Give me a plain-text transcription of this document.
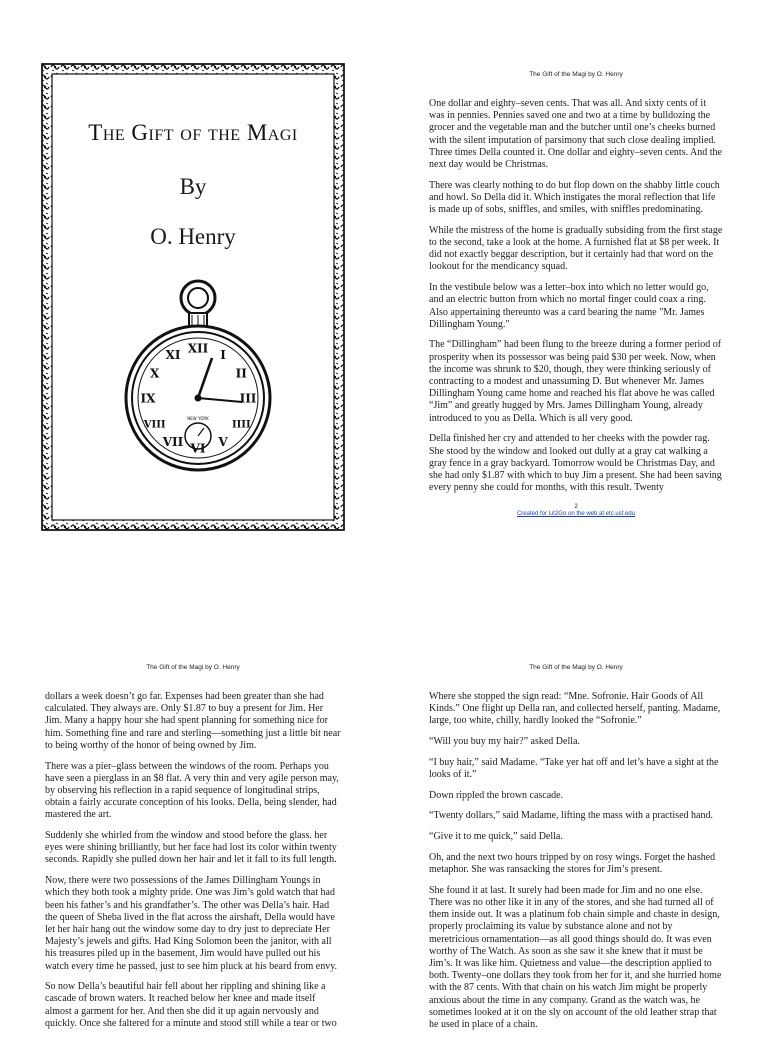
The Gift of the Magi
By
O. Henry
XII I
II
III
IIII
V
VI
VII
VIII
IX
X
XI
NEW YORK
The Gift of the Magi by O. Henry

One dollar and eighty–seven cents. That was all. And sixty cents of it was in pennies. Pennies saved one and two at a time by bulldozing the grocer and the vegetable man and the butcher until one’s cheeks burned with the silent imputation of parsimony that such close dealing implied. Three times Della counted it. One dollar and eighty–seven cents. And the next day would be Christmas.

There was clearly nothing to do but flop down on the shabby little couch and howl. So Della did it. Which instigates the moral reflection that life is made up of sobs, sniffles, and smiles, with sniffles predominating.

While the mistress of the home is gradually subsiding from the first stage to the second, take a look at the home. A furnished flat at $8 per week. It did not exactly beggar description, but it certainly had that word on the lookout for the mendicancy squad.

In the vestibule below was a letter–box into which no letter would go, and an electric button from which no mortal finger could coax a ring. Also appertaining thereunto was a card bearing the name "Mr. James Dillingham Young."

The “Dillingham” had been flung to the breeze during a former period of prosperity when its possessor was being paid $30 per week. Now, when the income was shrunk to $20, though, they were thinking seriously of contracting to a modest and unassuming D. But whenever Mr. James Dillingham Young came home and reached his flat above he was called “Jim” and greatly hugged by Mrs. James Dillingham Young, already introduced to you as Della. Which is all very good.

Della finished her cry and attended to her cheeks with the powder rag. She stood by the window and looked out dully at a gray cat walking a gray fence in a gray backyard. Tomorrow would be Christmas Day, and she had only $1.87 with which to buy Jim a present. She had been saving every penny she could for months, with this result. Twenty

2
Created for Lit2Go on the web at etc.usf.edu
The Gift of the Magi by O. Henry

dollars a week doesn’t go far. Expenses had been greater than she had calculated. They always are. Only $1.87 to buy a present for Jim. Her Jim. Many a happy hour she had spent planning for something nice for him. Something fine and rare and sterling—something just a little bit near to being worthy of the honor of being owned by Jim.

There was a pier–glass between the windows of the room. Perhaps you have seen a pierglass in an $8 flat. A very thin and very agile person may, by observing his reflection in a rapid sequence of longitudinal strips, obtain a fairly accurate conception of his looks. Della, being slender, had mastered the art.

Suddenly she whirled from the window and stood before the glass. her eyes were shining brilliantly, but her face had lost its color within twenty seconds. Rapidly she pulled down her hair and let it fall to its full length.

Now, there were two possessions of the James Dillingham Youngs in which they both took a mighty pride. One was Jim’s gold watch that had been his father’s and his grandfather’s. The other was Della’s hair. Had the queen of Sheba lived in the flat across the airshaft, Della would have let her hair hang out the window some day to dry just to depreciate Her Majesty’s jewels and gifts. Had King Solomon been the janitor, with all his treasures piled up in the basement, Jim would have pulled out his watch every time he passed, just to see him pluck at his beard from envy.

So now Della’s beautiful hair fell about her rippling and shining like a cascade of brown waters. It reached below her knee and made itself almost a garment for her. And then she did it up again nervously and quickly. Once she faltered for a minute and stood still while a tear or two

The Gift of the Magi by O. Henry

Where she stopped the sign read: “Mne. Sofronie. Hair Goods of All Kinds.” One flight up Della ran, and collected herself, panting. Madame, large, too white, chilly, hardly looked the “Sofronie.”

“Will you buy my hair?” asked Della.

“I buy hair,” said Madame. “Take yer hat off and let’s have a sight at the looks of it.”

Down rippled the brown cascade.

“Twenty dollars,” said Madame, lifting the mass with a practised hand.

“Give it to me quick,” said Della.

Oh, and the next two hours tripped by on rosy wings. Forget the hashed metaphor. She was ransacking the stores for Jim’s present.

She found it at last. It surely had been made for Jim and no one else. There was no other like it in any of the stores, and she had turned all of them inside out. It was a platinum fob chain simple and chaste in design, properly proclaiming its value by substance alone and not by meretricious ornamentation—as all good things should do. It was even worthy of The Watch. As soon as she saw it she knew that it must be Jim’s. It was like him. Quietness and value—the description applied to both. Twenty–one dollars they took from her for it, and she hurried home with the 87 cents. With that chain on his watch Jim might be properly anxious about the time in any company. Grand as the watch was, he sometimes looked at it on the sly on account of the old leather strap that he used in place of a chain.
